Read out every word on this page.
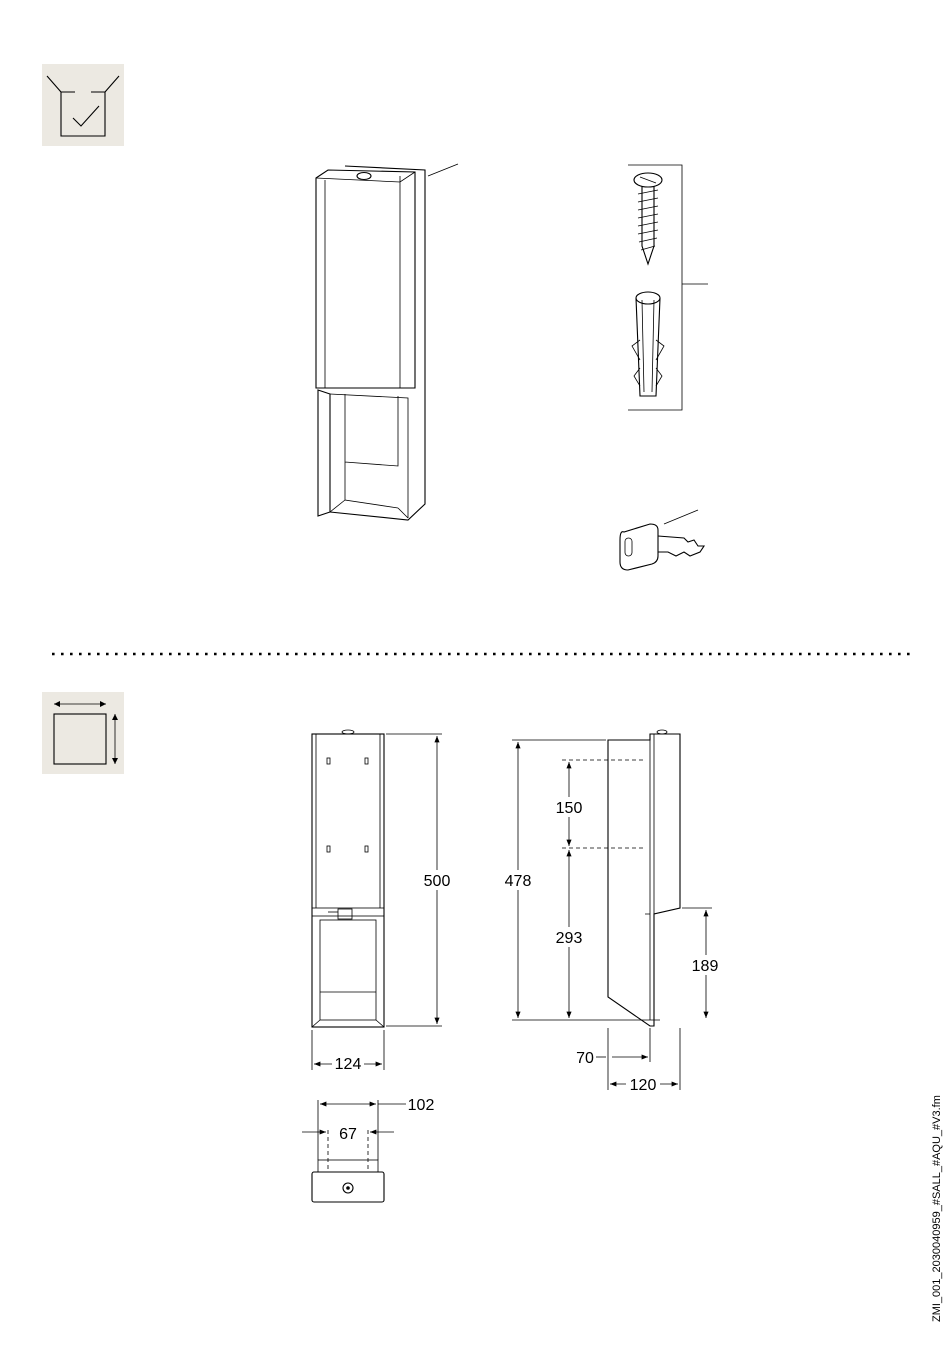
500
124
478
150
293
189
70
120
102
67	ZMI_001_2030040959_#SALL_#AQU_#V3.fm
